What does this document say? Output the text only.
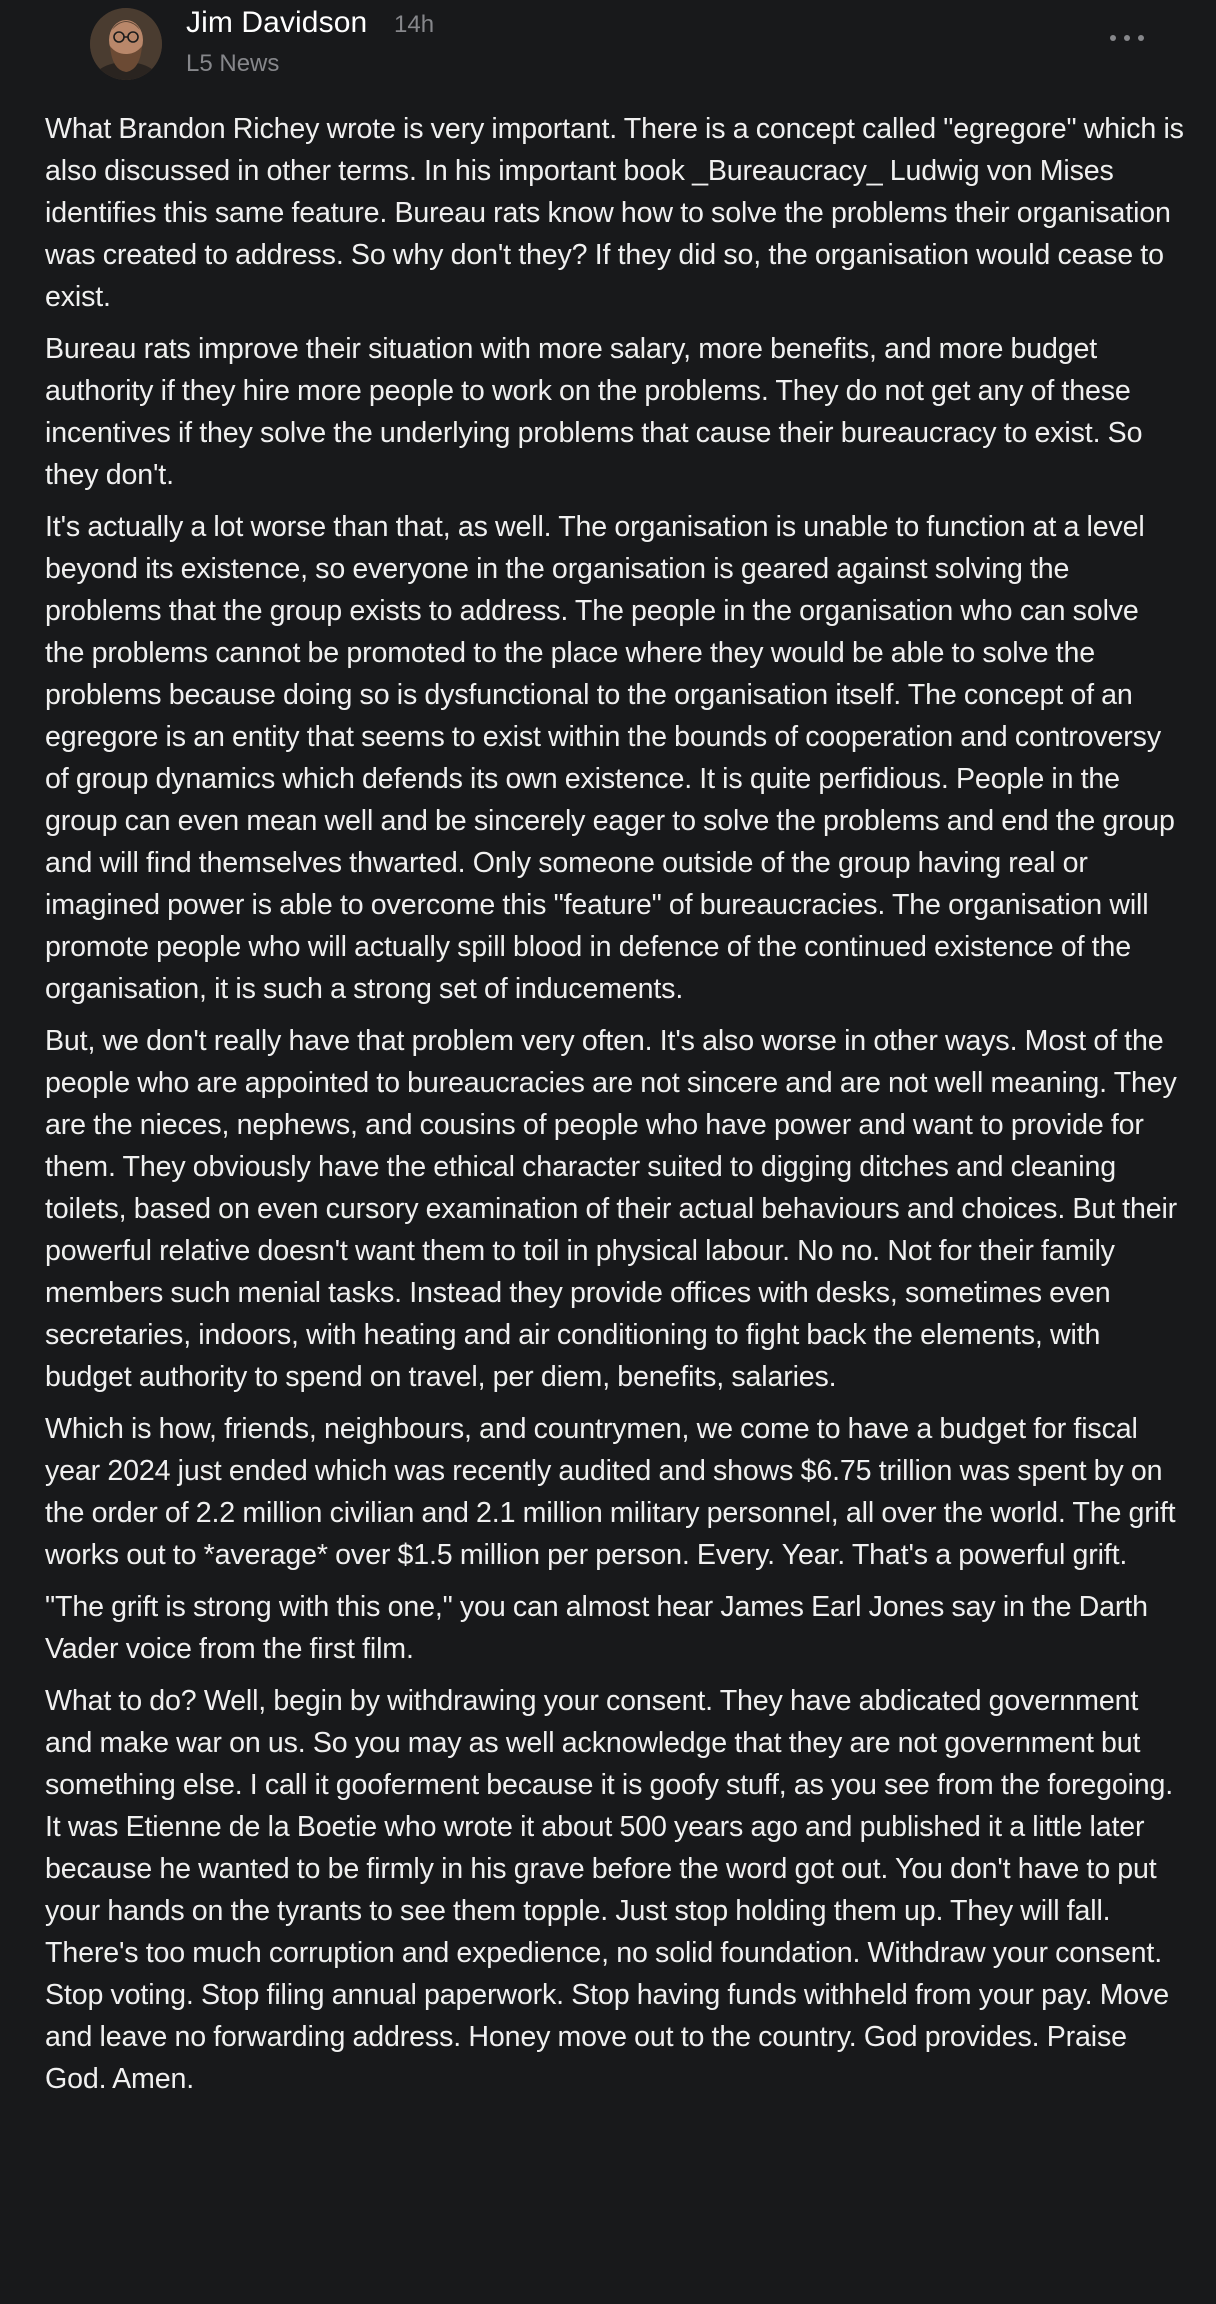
Jim Davidson 14h
L5 News

What Brandon Richey wrote is very important. There is a concept called "egregore" which is also discussed in other terms. In his important book _Bureaucracy_ Ludwig von Mises identifies this same feature. Bureau rats know how to solve the problems their organisation was created to address. So why don't they? If they did so, the organisation would cease to exist.

Bureau rats improve their situation with more salary, more benefits, and more budget authority if they hire more people to work on the problems. They do not get any of these incentives if they solve the underlying problems that cause their bureaucracy to exist. So they don't.

It's actually a lot worse than that, as well. The organisation is unable to function at a level beyond its existence, so everyone in the organisation is geared against solving the problems that the group exists to address. The people in the organisation who can solve the problems cannot be promoted to the place where they would be able to solve the problems because doing so is dysfunctional to the organisation itself. The concept of an egregore is an entity that seems to exist within the bounds of cooperation and controversy of group dynamics which defends its own existence. It is quite perfidious. People in the group can even mean well and be sincerely eager to solve the problems and end the group and will find themselves thwarted. Only someone outside of the group having real or imagined power is able to overcome this "feature" of bureaucracies. The organisation will promote people who will actually spill blood in defence of the continued existence of the organisation, it is such a strong set of inducements.

But, we don't really have that problem very often. It's also worse in other ways. Most of the people who are appointed to bureaucracies are not sincere and are not well meaning. They are the nieces, nephews, and cousins of people who have power and want to provide for them. They obviously have the ethical character suited to digging ditches and cleaning toilets, based on even cursory examination of their actual behaviours and choices. But their powerful relative doesn't want them to toil in physical labour. No no. Not for their family members such menial tasks. Instead they provide offices with desks, sometimes even secretaries, indoors, with heating and air conditioning to fight back the elements, with budget authority to spend on travel, per diem, benefits, salaries.

Which is how, friends, neighbours, and countrymen, we come to have a budget for fiscal year 2024 just ended which was recently audited and shows $6.75 trillion was spent by on the order of 2.2 million civilian and 2.1 million military personnel, all over the world. The grift works out to *average* over $1.5 million per person. Every. Year. That's a powerful grift.

"The grift is strong with this one," you can almost hear James Earl Jones say in the Darth Vader voice from the first film.

What to do? Well, begin by withdrawing your consent. They have abdicated government and make war on us. So you may as well acknowledge that they are not government but something else. I call it gooferment because it is goofy stuff, as you see from the foregoing. It was Etienne de la Boetie who wrote it about 500 years ago and published it a little later because he wanted to be firmly in his grave before the word got out. You don't have to put your hands on the tyrants to see them topple. Just stop holding them up. They will fall. There's too much corruption and expedience, no solid foundation. Withdraw your consent. Stop voting. Stop filing annual paperwork. Stop having funds withheld from your pay. Move and leave no forwarding address. Honey move out to the country. God provides. Praise God. Amen.
